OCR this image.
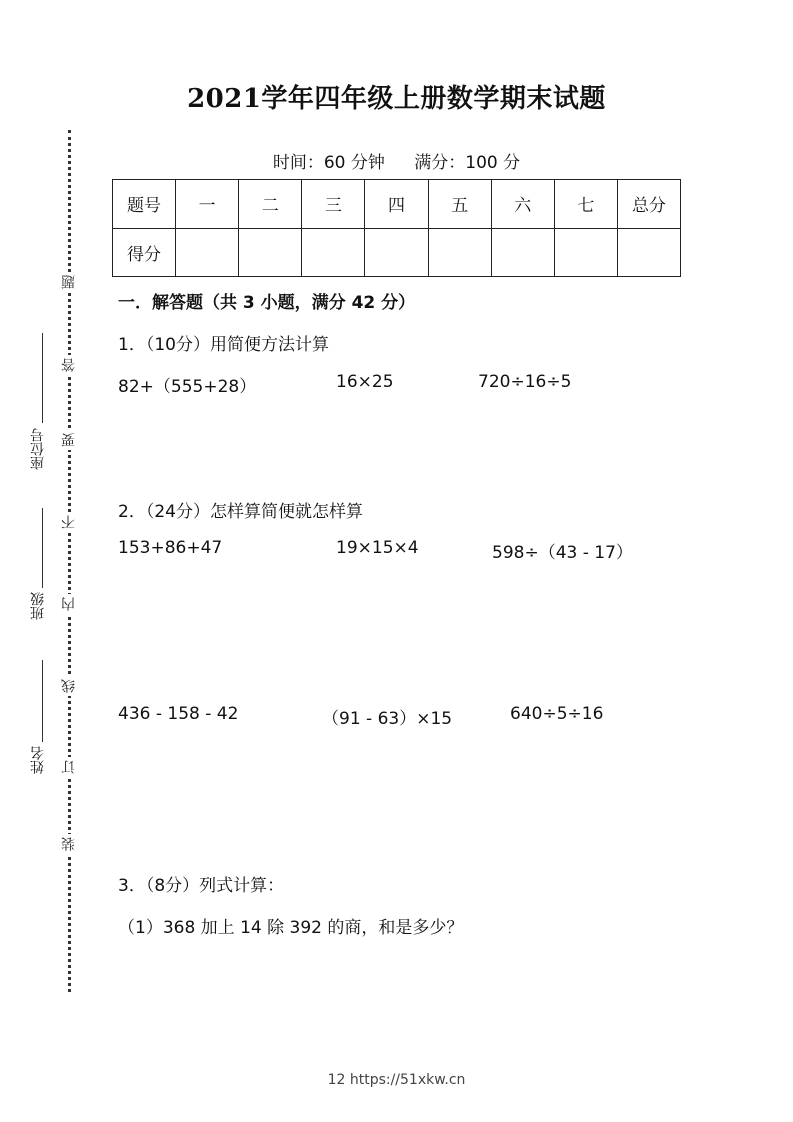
题
答
要
不
内
线
订
装
座位号
班级
姓名
2021学年四年级上册数学期末试题
时间：60 分钟 满分：100 分
题号	一	二	三	四	五	六	七	总分
得分								
一．解答题（共 3 小题，满分 42 分）
1．（10分）用简便方法计算
82+（555+28）	16×25	720÷16÷5
2．（24分）怎样算简便就怎样算
153+86+47	19×15×4	598÷（43 - 17）
436 - 158 - 42	（91 - 63）×15	640÷5÷16
3．（8分）列式计算：
（1）368 加上 14 除 392 的商，和是多少？
12 https://51xkw.cn
